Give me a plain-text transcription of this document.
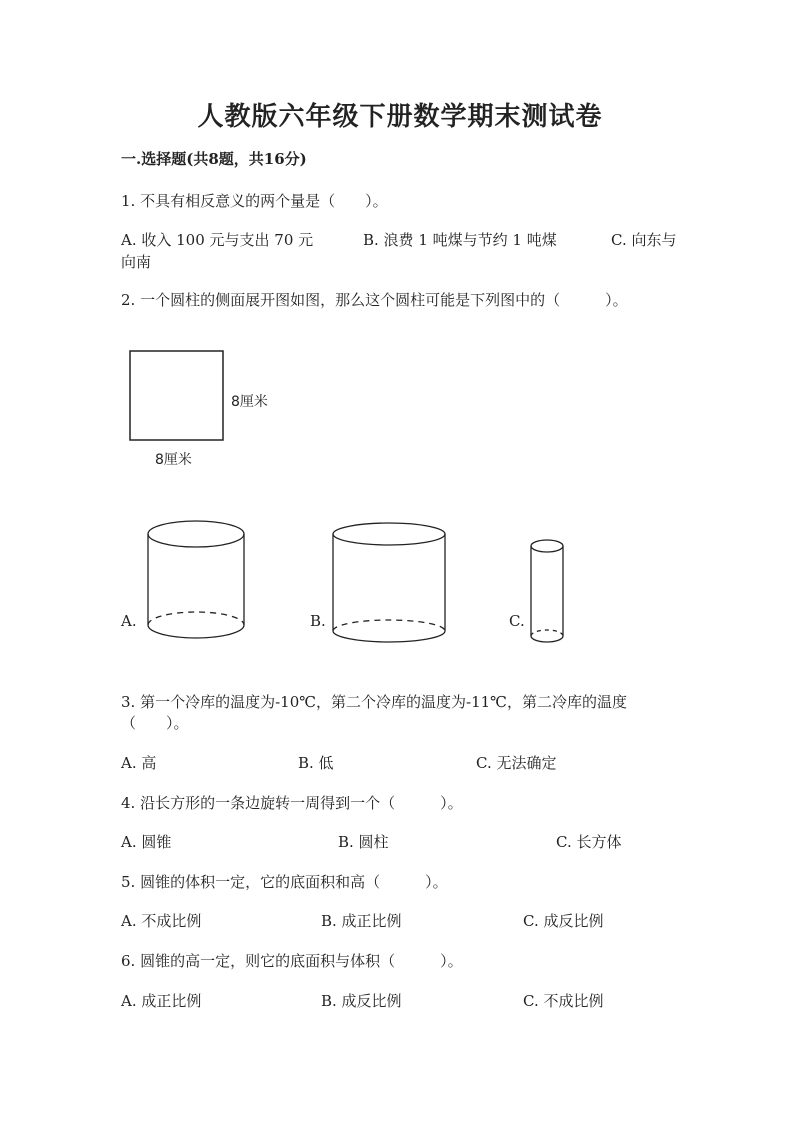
人教版六年级下册数学期末测试卷
一.选择题(共8题，共16分)
1. 不具有相反意义的两个量是（　　）。
A. 收入 100 元与支出 70 元	B. 浪费 1 吨煤与节约 1 吨煤	C. 向东与
向南
2. 一个圆柱的侧面展开图如图，那么这个圆柱可能是下列图中的（　　　）。
8厘米
8厘米
A.	B.	C.
3. 第一个冷库的温度为-10℃，第二个冷库的温度为-11℃，第二冷库的温度
（　　）。
A. 高	B. 低	C. 无法确定
4. 沿长方形的一条边旋转一周得到一个（　　　）。
A. 圆锥	B. 圆柱	C. 长方体
5. 圆锥的体积一定，它的底面积和高（　　　）。
A. 不成比例	B. 成正比例	C. 成反比例
6. 圆锥的高一定，则它的底面积与体积（　　　）。
A. 成正比例	B. 成反比例	C. 不成比例
